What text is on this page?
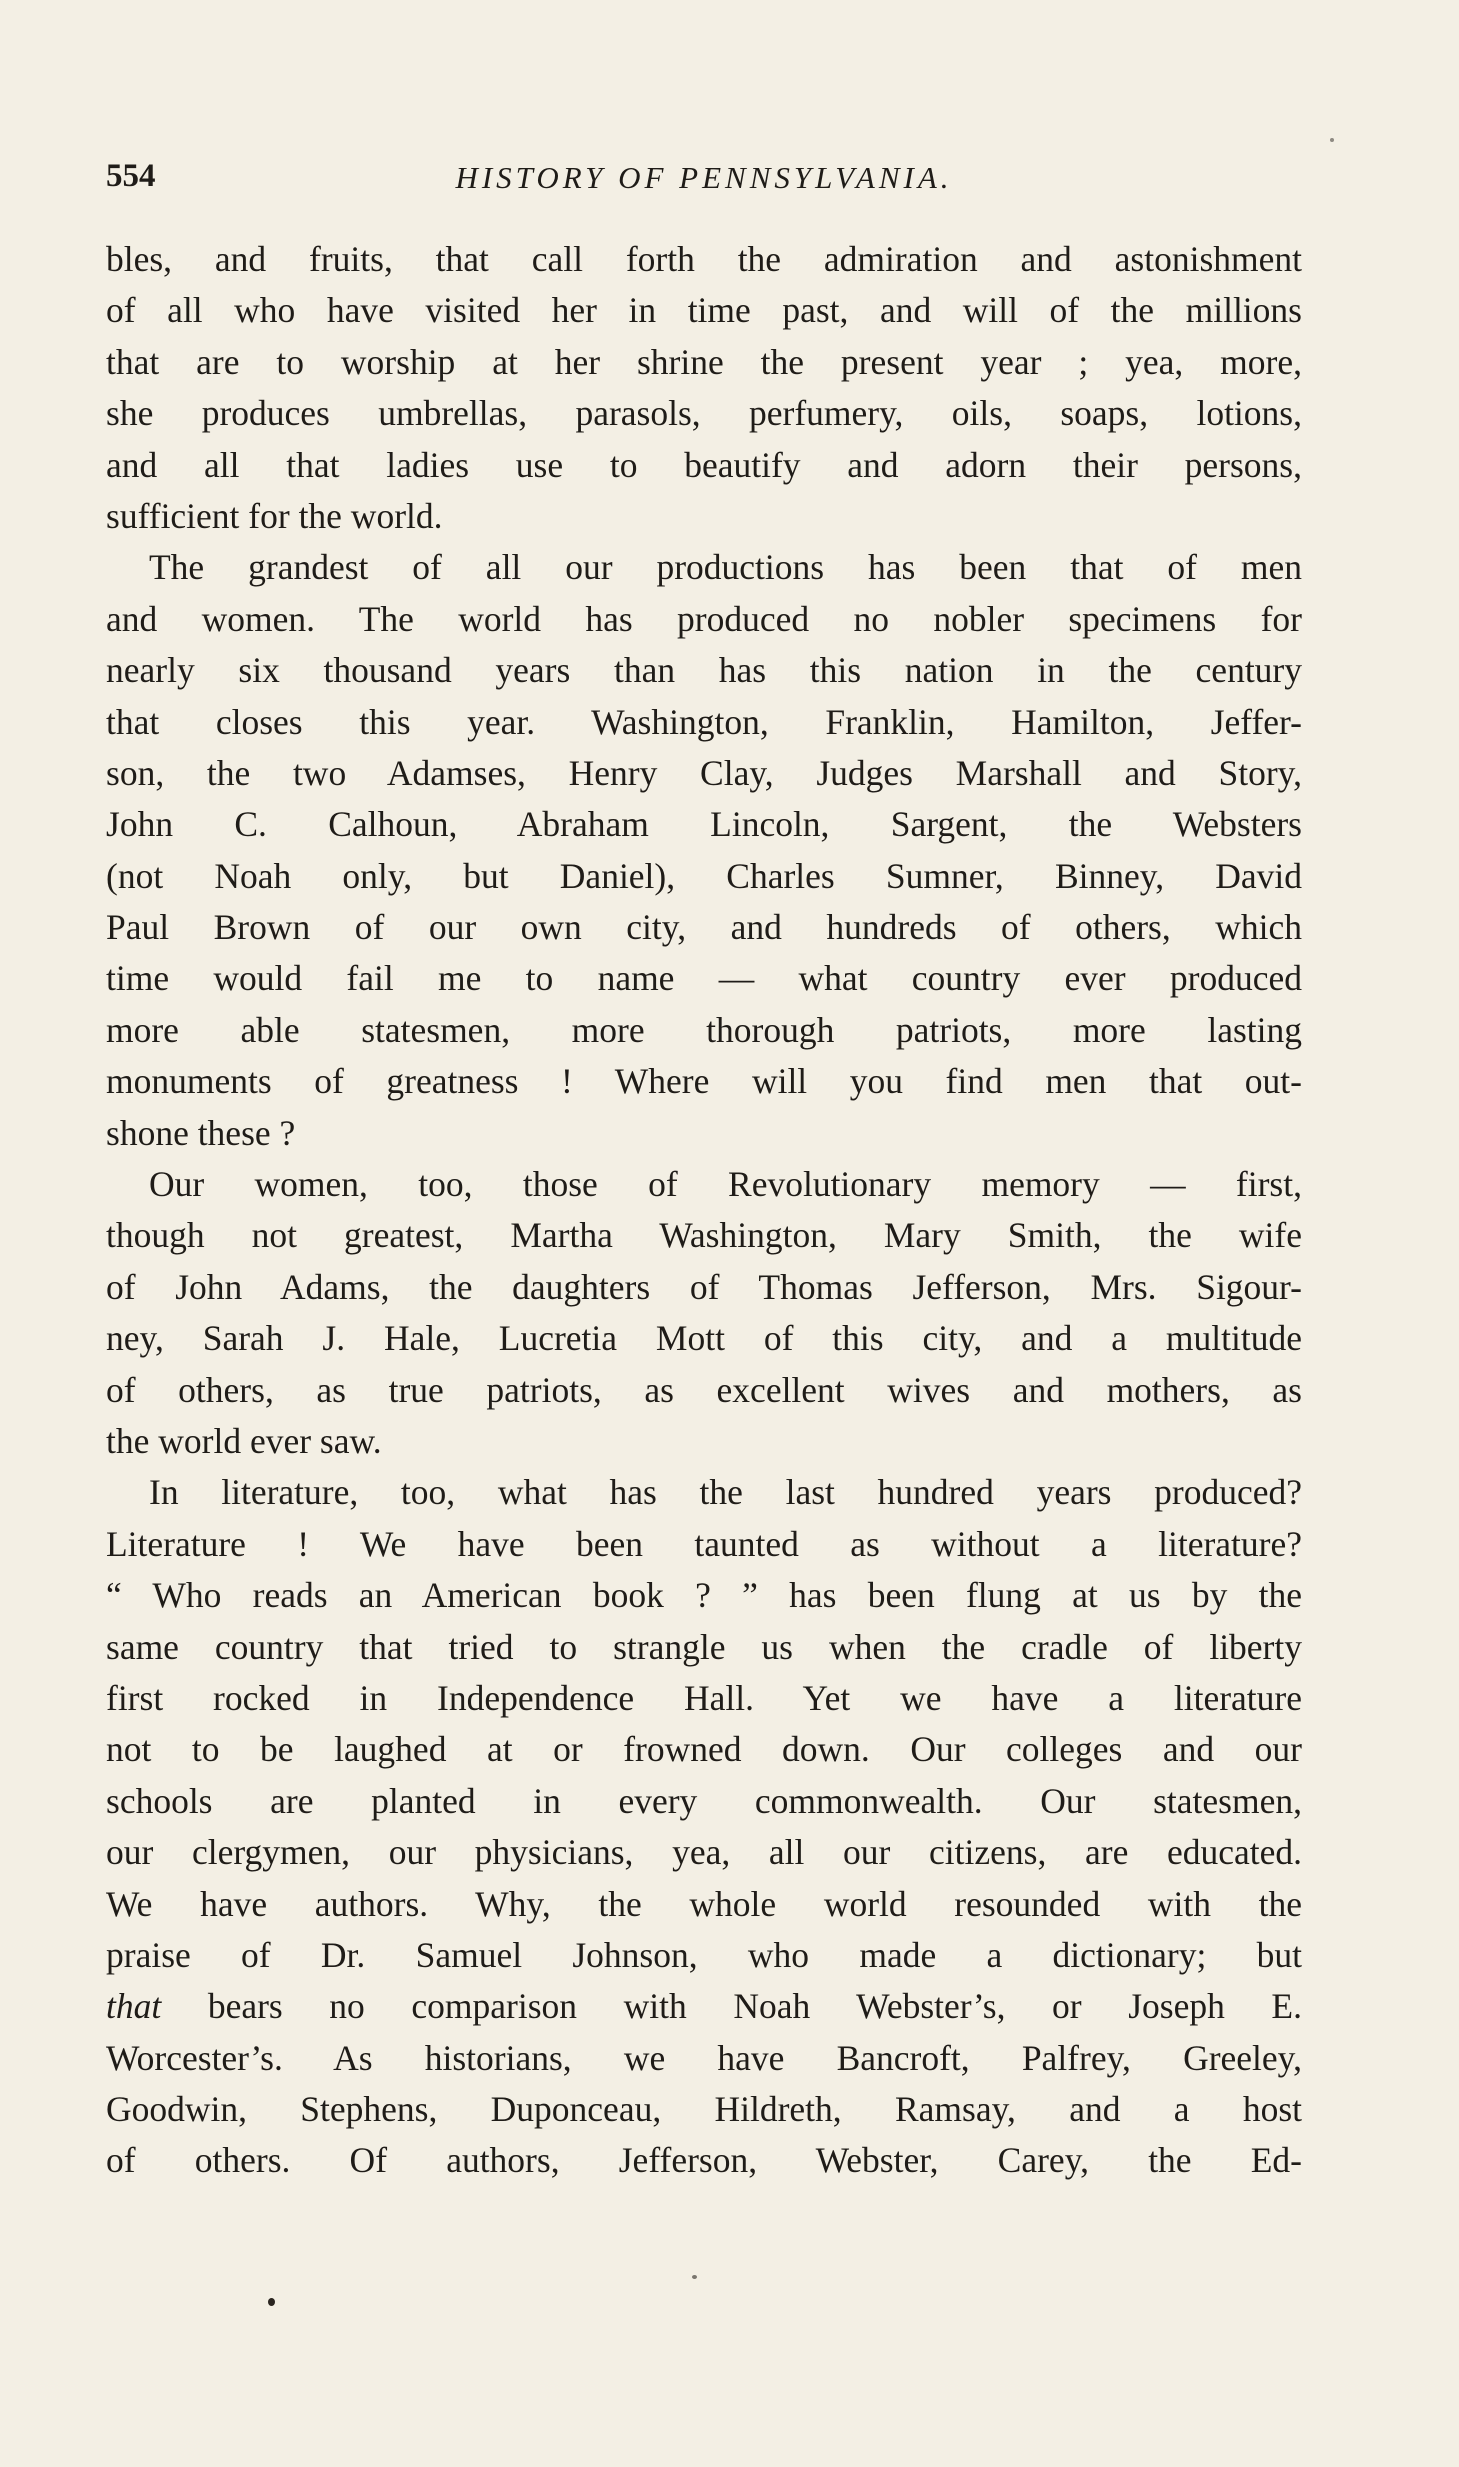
554	HISTORY OF PENNSYLVANIA.
bles, and fruits, that call forth the admiration and astonishment
of all who have visited her in time past, and will of the millions
that are to worship at her shrine the present year ; yea, more,
she produces umbrellas, parasols, perfumery, oils, soaps, lotions,
and all that ladies use to beautify and adorn their persons,
sufficient for the world.
The grandest of all our productions has been that of men
and women. The world has produced no nobler specimens for
nearly six thousand years than has this nation in the century
that closes this year. Washington, Franklin, Hamilton, Jeffer-
son, the two Adamses, Henry Clay, Judges Marshall and Story,
John C. Calhoun, Abraham Lincoln, Sargent, the Websters
(not Noah only, but Daniel), Charles Sumner, Binney, David
Paul Brown of our own city, and hundreds of others, which
time would fail me to name — what country ever produced
more able statesmen, more thorough patriots, more lasting
monuments of greatness ! Where will you find men that out-
shone these ?
Our women, too, those of Revolutionary memory — first,
though not greatest, Martha Washington, Mary Smith, the wife
of John Adams, the daughters of Thomas Jefferson, Mrs. Sigour-
ney, Sarah J. Hale, Lucretia Mott of this city, and a multitude
of others, as true patriots, as excellent wives and mothers, as
the world ever saw.
In literature, too, what has the last hundred years produced?
Literature ! We have been taunted as without a literature?
“ Who reads an American book ? ” has been flung at us by the
same country that tried to strangle us when the cradle of liberty
first rocked in Independence Hall. Yet we have a literature
not to be laughed at or frowned down. Our colleges and our
schools are planted in every commonwealth. Our statesmen,
our clergymen, our physicians, yea, all our citizens, are educated.
We have authors. Why, the whole world resounded with the
praise of Dr. Samuel Johnson, who made a dictionary; but
that bears no comparison with Noah Webster’s, or Joseph E.
Worcester’s. As historians, we have Bancroft, Palfrey, Greeley,
Goodwin, Stephens, Duponceau, Hildreth, Ramsay, and a host
of others. Of authors, Jefferson, Webster, Carey, the Ed-
